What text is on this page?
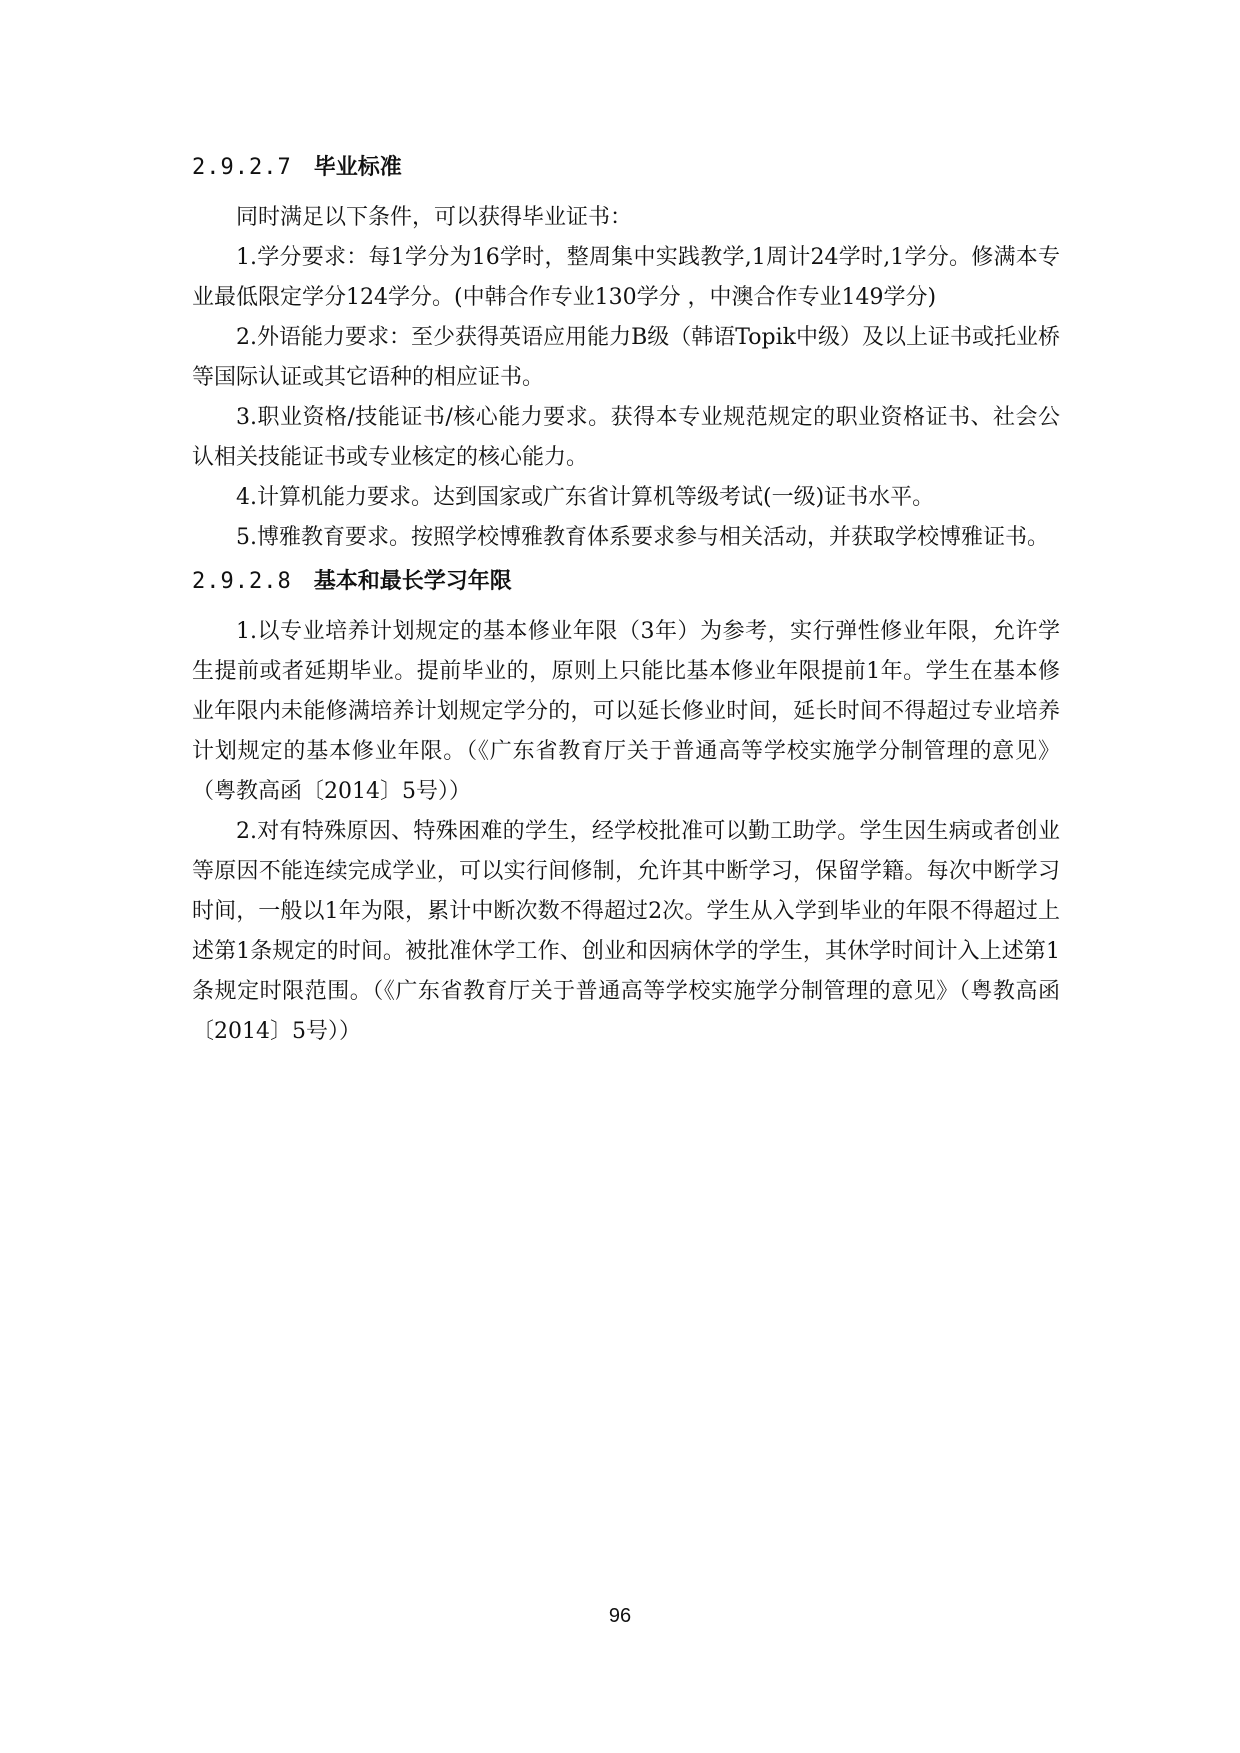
2.9.2.7 毕业标准

同时满足以下条件，可以获得毕业证书：

1.学分要求：每1学分为16学时，整周集中实践教学,1周计24学时,1学分。修满本专业最低限定学分124学分。(中韩合作专业130学分 ，中澳合作专业149学分)

2.外语能力要求：至少获得英语应用能力B级（韩语Topik中级）及以上证书或托业桥等国际认证或其它语种的相应证书。

3.职业资格/技能证书/核心能力要求。获得本专业规范规定的职业资格证书、社会公认相关技能证书或专业核定的核心能力。

4.计算机能力要求。达到国家或广东省计算机等级考试(一级)证书水平。

5.博雅教育要求。按照学校博雅教育体系要求参与相关活动，并获取学校博雅证书。

2.9.2.8 基本和最长学习年限

1.以专业培养计划规定的基本修业年限（3年）为参考，实行弹性修业年限，允许学生提前或者延期毕业。提前毕业的，原则上只能比基本修业年限提前1年。学生在基本修业年限内未能修满培养计划规定学分的，可以延长修业时间，延长时间不得超过专业培养计划规定的基本修业年限。（《广东省教育厅关于普通高等学校实施学分制管理的意见》（粤教高函〔2014〕5号））

2.对有特殊原因、特殊困难的学生，经学校批准可以勤工助学。学生因生病或者创业等原因不能连续完成学业，可以实行间修制，允许其中断学习，保留学籍。每次中断学习时间，一般以1年为限，累计中断次数不得超过2次。学生从入学到毕业的年限不得超过上述第1条规定的时间。被批准休学工作、创业和因病休学的学生，其休学时间计入上述第1条规定时限范围。（《广东省教育厅关于普通高等学校实施学分制管理的意见》（粤教高函〔2014〕5号））

96
